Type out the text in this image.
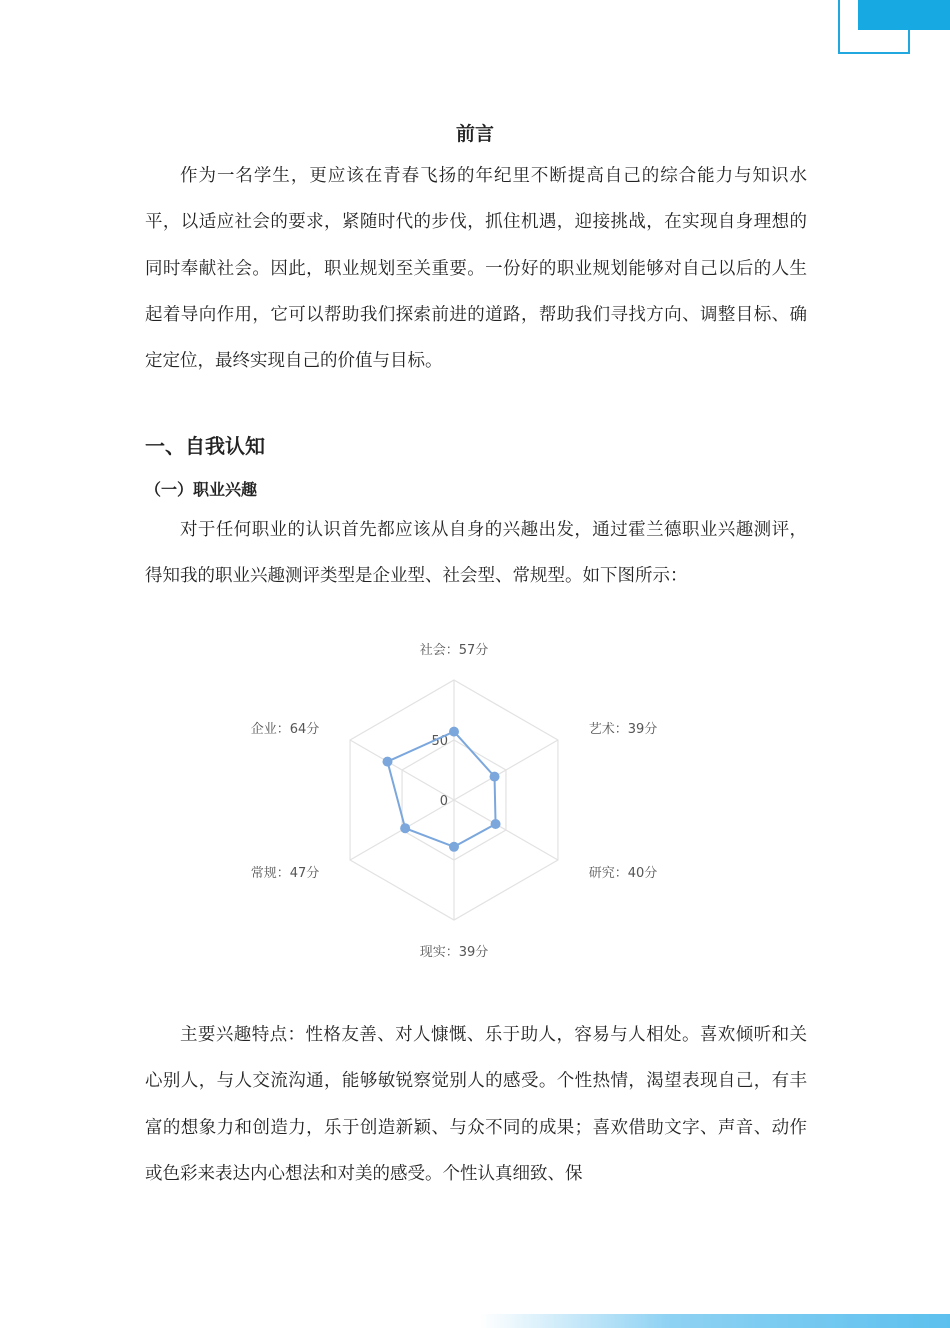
前言

作为一名学生，更应该在青春飞扬的年纪里不断提高自己的综合能力与知识水平，以适应社会的要求，紧随时代的步伐，抓住机遇，迎接挑战，在实现自身理想的同时奉献社会。因此，职业规划至关重要。一份好的职业规划能够对自己以后的人生起着导向作用，它可以帮助我们探索前进的道路，帮助我们寻找方向、调整目标、确定定位，最终实现自己的价值与目标。

一、自我认知
（一）职业兴趣

对于任何职业的认识首先都应该从自身的兴趣出发，通过霍兰德职业兴趣测评，得知我的职业兴趣测评类型是企业型、社会型、常规型。如下图所示：

0
50
社会：57分
艺术：39分
研究：40分
现实：39分
常规：47分
企业：64分

主要兴趣特点：性格友善、对人慷慨、乐于助人，容易与人相处。喜欢倾听和关心别人，与人交流沟通，能够敏锐察觉别人的感受。个性热情，渴望表现自己，有丰富的想象力和创造力，乐于创造新颖、与众不同的成果；喜欢借助文字、声音、动作或色彩来表达内心想法和对美的感受。个性认真细致、保
